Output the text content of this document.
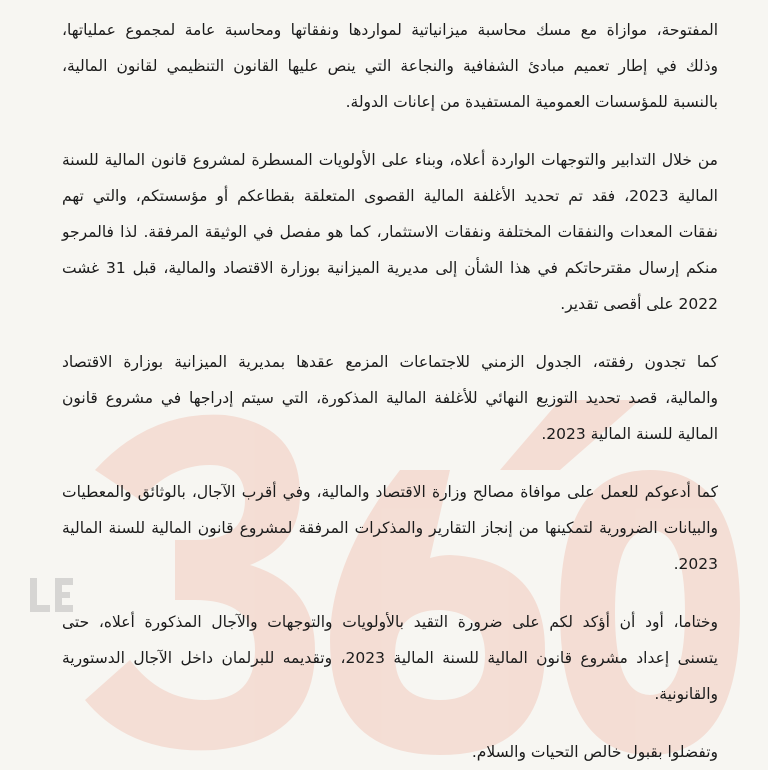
المفتوحة، موازاة مع مسك محاسبة ميزانياتية لمواردها ونفقاتها ومحاسبة عامة لمجموع عملياتها،
وذلك في إطار تعميم مبادئ الشفافية والنجاعة التي ينص عليها القانون التنظيمي لقانون المالية،
بالنسبة للمؤسسات العمومية المستفيدة من إعانات الدولة.

من خلال التدابير والتوجهات الواردة أعلاه، وبناء على الأولويات المسطرة لمشروع قانون المالية للسنة
المالية 2023، فقد تم تحديد الأغلفة المالية القصوى المتعلقة بقطاعكم أو مؤسستكم، والتي تهم
نفقات المعدات والنفقات المختلفة ونفقات الاستثمار، كما هو مفصل في الوثيقة المرفقة. لذا فالمرجو
منكم إرسال مقترحاتكم في هذا الشأن إلى مديرية الميزانية بوزارة الاقتصاد والمالية، قبل 31 غشت
2022 على أقصى تقدير.

كما تجدون رفقته، الجدول الزمني للاجتماعات المزمع عقدها بمديرية الميزانية بوزارة الاقتصاد
والمالية، قصد تحديد التوزيع النهائي للأغلفة المالية المذكورة، التي سيتم إدراجها في مشروع قانون
المالية للسنة المالية 2023.

كما أدعوكم للعمل على موافاة مصالح وزارة الاقتصاد والمالية، وفي أقرب الآجال، بالوثائق والمعطيات
والبيانات الضرورية لتمكينها من إنجاز التقارير والمذكرات المرفقة لمشروع قانون المالية للسنة المالية
2023.

وختاما، أود أن أؤكد لكم على ضرورة التقيد بالأولويات والتوجهات والآجال المذكورة أعلاه، حتى
يتسنى إعداد مشروع قانون المالية للسنة المالية 2023، وتقديمه للبرلمان داخل الآجال الدستورية
والقانونية.

وتفضلوا بقبول خالص التحيات والسلام.
